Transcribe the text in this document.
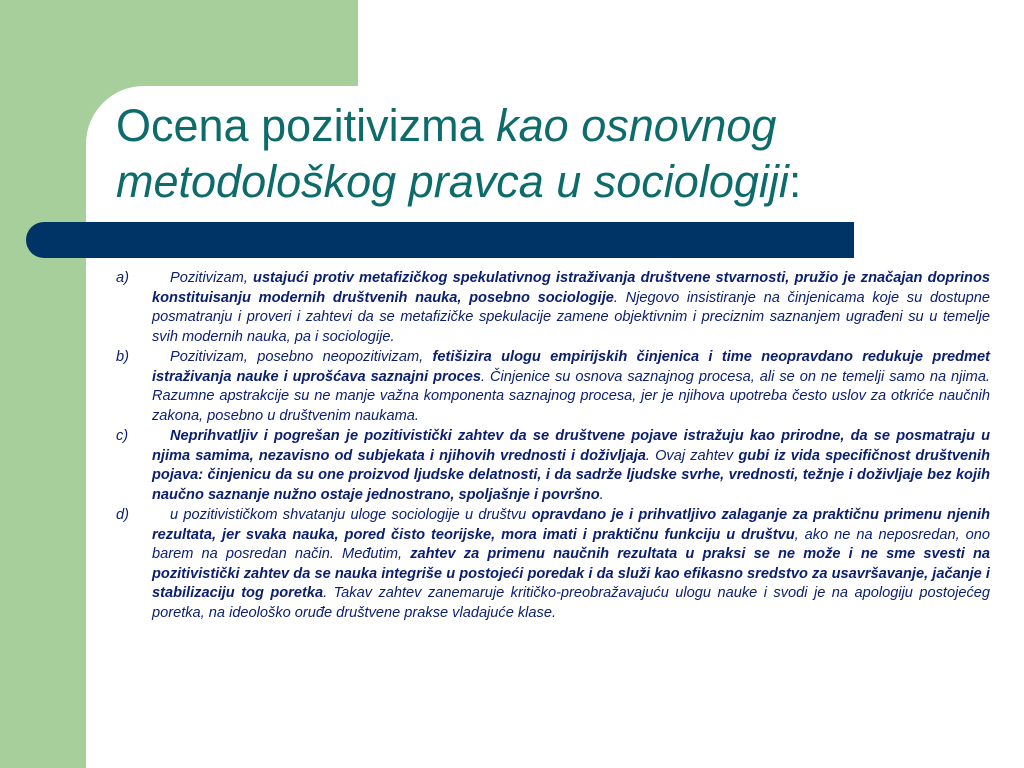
Ocena pozitivizma kao osnovnog
metodološkog pravca u sociologiji:
a)	Pozitivizam, ustajući protiv metafizičkog spekulativnog istraživanja društvene stvarnosti, pružio je značajan doprinos konstituisanju modernih društvenih nauka, posebno sociologije. Njegovo insistiranje na činjenicama koje su dostupne posmatranju i proveri i zahtevi da se metafizičke spekulacije zamene objektivnim i preciznim saznanjem ugrađeni su u temelje svih modernih nauka, pa i sociologije.
b)	Pozitivizam, posebno neopozitivizam, fetišizira ulogu empirijskih činjenica i time neopravdano redukuje predmet istraživanja nauke i uprošćava saznajni proces. Činjenice su osnova saznajnog procesa, ali se on ne temelji samo na njima. Razumne apstrakcije su ne manje važna komponenta saznajnog procesa, jer je njihova upotreba često uslov za otkriće naučnih zakona, posebno u društvenim naukama.
c)	Neprihvatljiv i pogrešan je pozitivistički zahtev da se društvene pojave istražuju kao prirodne, da se posmatraju u njima samima, nezavisno od subjekata i njihovih vrednosti i doživljaja. Ovaj zahtev gubi iz vida specifičnost društvenih pojava: činjenicu da su one proizvod ljudske delatnosti, i da sadrže ljudske svrhe, vrednosti, težnje i doživljaje bez kojih naučno saznanje nužno ostaje jednostrano, spoljašnje i površno.
d)	u pozitivističkom shvatanju uloge sociologije u društvu opravdano je i prihvatljivo zalaganje za praktičnu primenu njenih rezultata, jer svaka nauka, pored čisto teorijske, mora imati i praktičnu funkciju u društvu, ako ne na neposredan, ono barem na posredan način. Međutim, zahtev za primenu naučnih rezultata u praksi se ne može i ne sme svesti na pozitivistički zahtev da se nauka integriše u postojeći poredak i da služi kao efikasno sredstvo za usavršavanje, jačanje i stabilizaciju tog poretka. Takav zahtev zanemaruje kritičko-preobražavajuću ulogu nauke i svodi je na apologiju postojećeg poretka, na ideološko oruđe društvene prakse vladajuće klase.
